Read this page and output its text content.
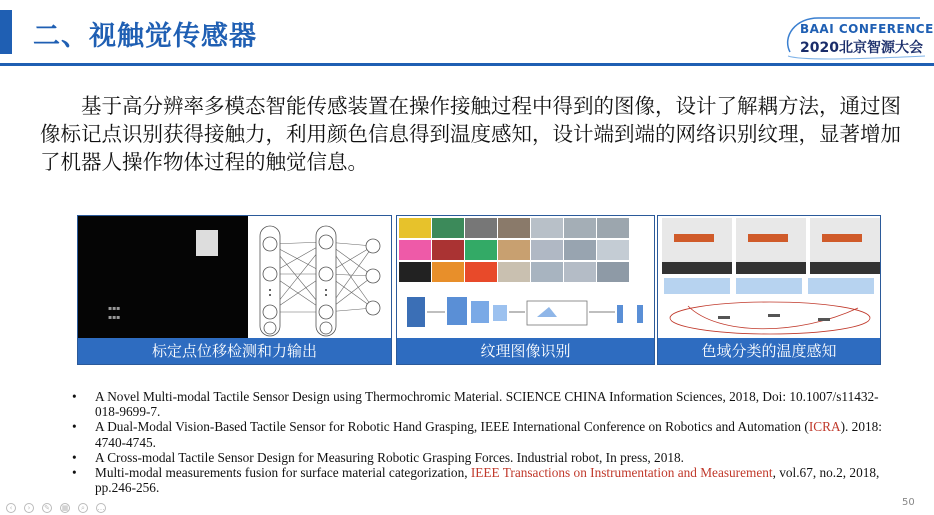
二、视触觉传感器	BAAI CONFERENCE
2020北京智源大会
基于高分辨率多模态智能传感装置在操作接触过程中得到的图像，设计了解耦方法，通过图像标记点识别获得接触力，利用颜色信息得到温度感知，设计端到端的网络识别纹理，显著增加了机器人操作物体过程的触觉信息。
▪▪▪
▪▪▪
标定点位移检测和力输出	纹理图像识别	色域分类的温度感知
• A Novel Multi-modal Tactile Sensor Design using Thermochromic Material. SCIENCE CHINA Information Sciences, 2018, Doi: 10.1007/s11432-018-9699-7.
• A Dual-Modal Vision-Based Tactile Sensor for Robotic Hand Grasping, IEEE International Conference on Robotics and Automation (ICRA). 2018: 4740-4745.
• A Cross-modal Tactile Sensor Design for Measuring Robotic Grasping Forces. Industrial robot, In press, 2018.
• Multi-modal measurements fusion for surface material categorization, IEEE Transactions on Instrumentation and Measurement, vol.67, no.2, 2018, pp.246-256.
50
‹	›	✎ ▦	⌕	…
